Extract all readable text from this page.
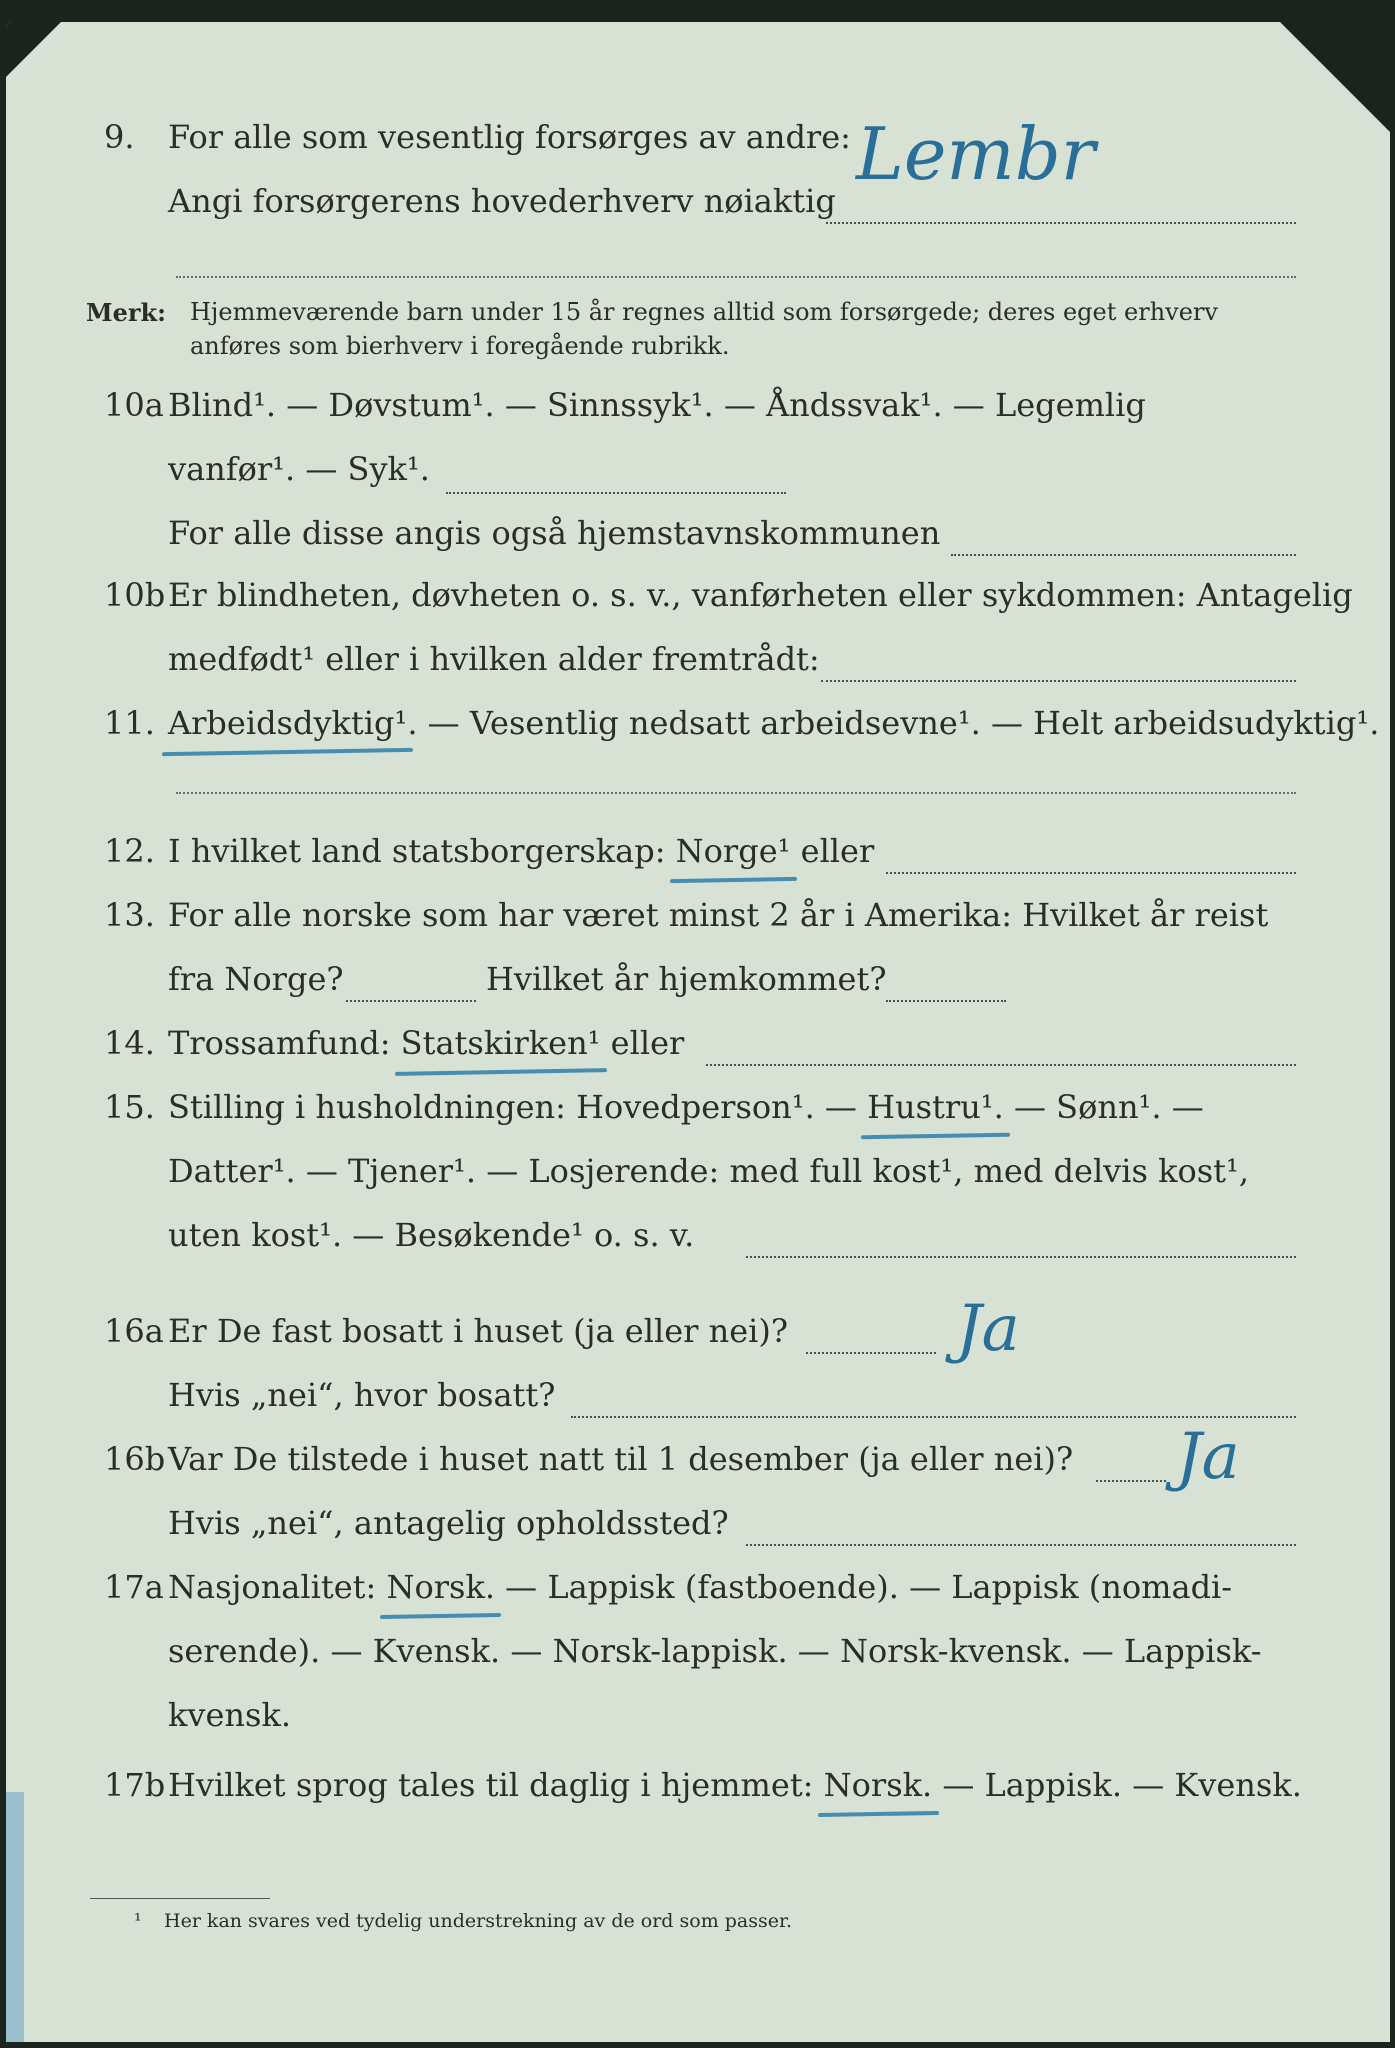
9. For alle som vesentlig forsørges av andre: Lembr
Angi forsørgerens hovederhverv nøiaktig
Merk: Hjemmeværende barn under 15 år regnes alltid som forsørgede; deres eget erhverv
anføres som bierhverv i foregående rubrikk.
10a Blind¹. — Døvstum¹. — Sinnssyk¹. — Åndssvak¹. — Legemlig
vanfør¹. — Syk¹.
For alle disse angis også hjemstavnskommunen
10b Er blindheten, døvheten o. s. v., vanførheten eller sykdommen: Antagelig
medfødt¹ eller i hvilken alder fremtrådt:
11. Arbeidsdyktig¹. — Vesentlig nedsatt arbeidsevne¹. — Helt arbeidsudyktig¹.
12. I hvilket land statsborgerskap: Norge¹ eller
13. For alle norske som har været minst 2 år i Amerika: Hvilket år reist
fra Norge?	Hvilket år hjemkommet?
14. Trossamfund: Statskirken¹ eller
15. Stilling i husholdningen: Hovedperson¹. — Hustru¹. — Sønn¹. —
Datter¹. — Tjener¹. — Losjerende: med full kost¹, med delvis kost¹,
uten kost¹. — Besøkende¹ o. s. v.
16a Er De fast bosatt i huset (ja eller nei)?	Ja
Hvis „nei“, hvor bosatt?
16b Var De tilstede i huset natt til 1 desember (ja eller nei)? Ja
Hvis „nei“, antagelig opholdssted?
17a Nasjonalitet: Norsk. — Lappisk (fastboende). — Lappisk (nomadi-
serende). — Kvensk. — Norsk-lappisk. — Norsk-kvensk. — Lappisk-
kvensk.
17b Hvilket sprog tales til daglig i hjemmet: Norsk. — Lappisk. — Kvensk.
¹ Her kan svares ved tydelig understrekning av de ord som passer.
